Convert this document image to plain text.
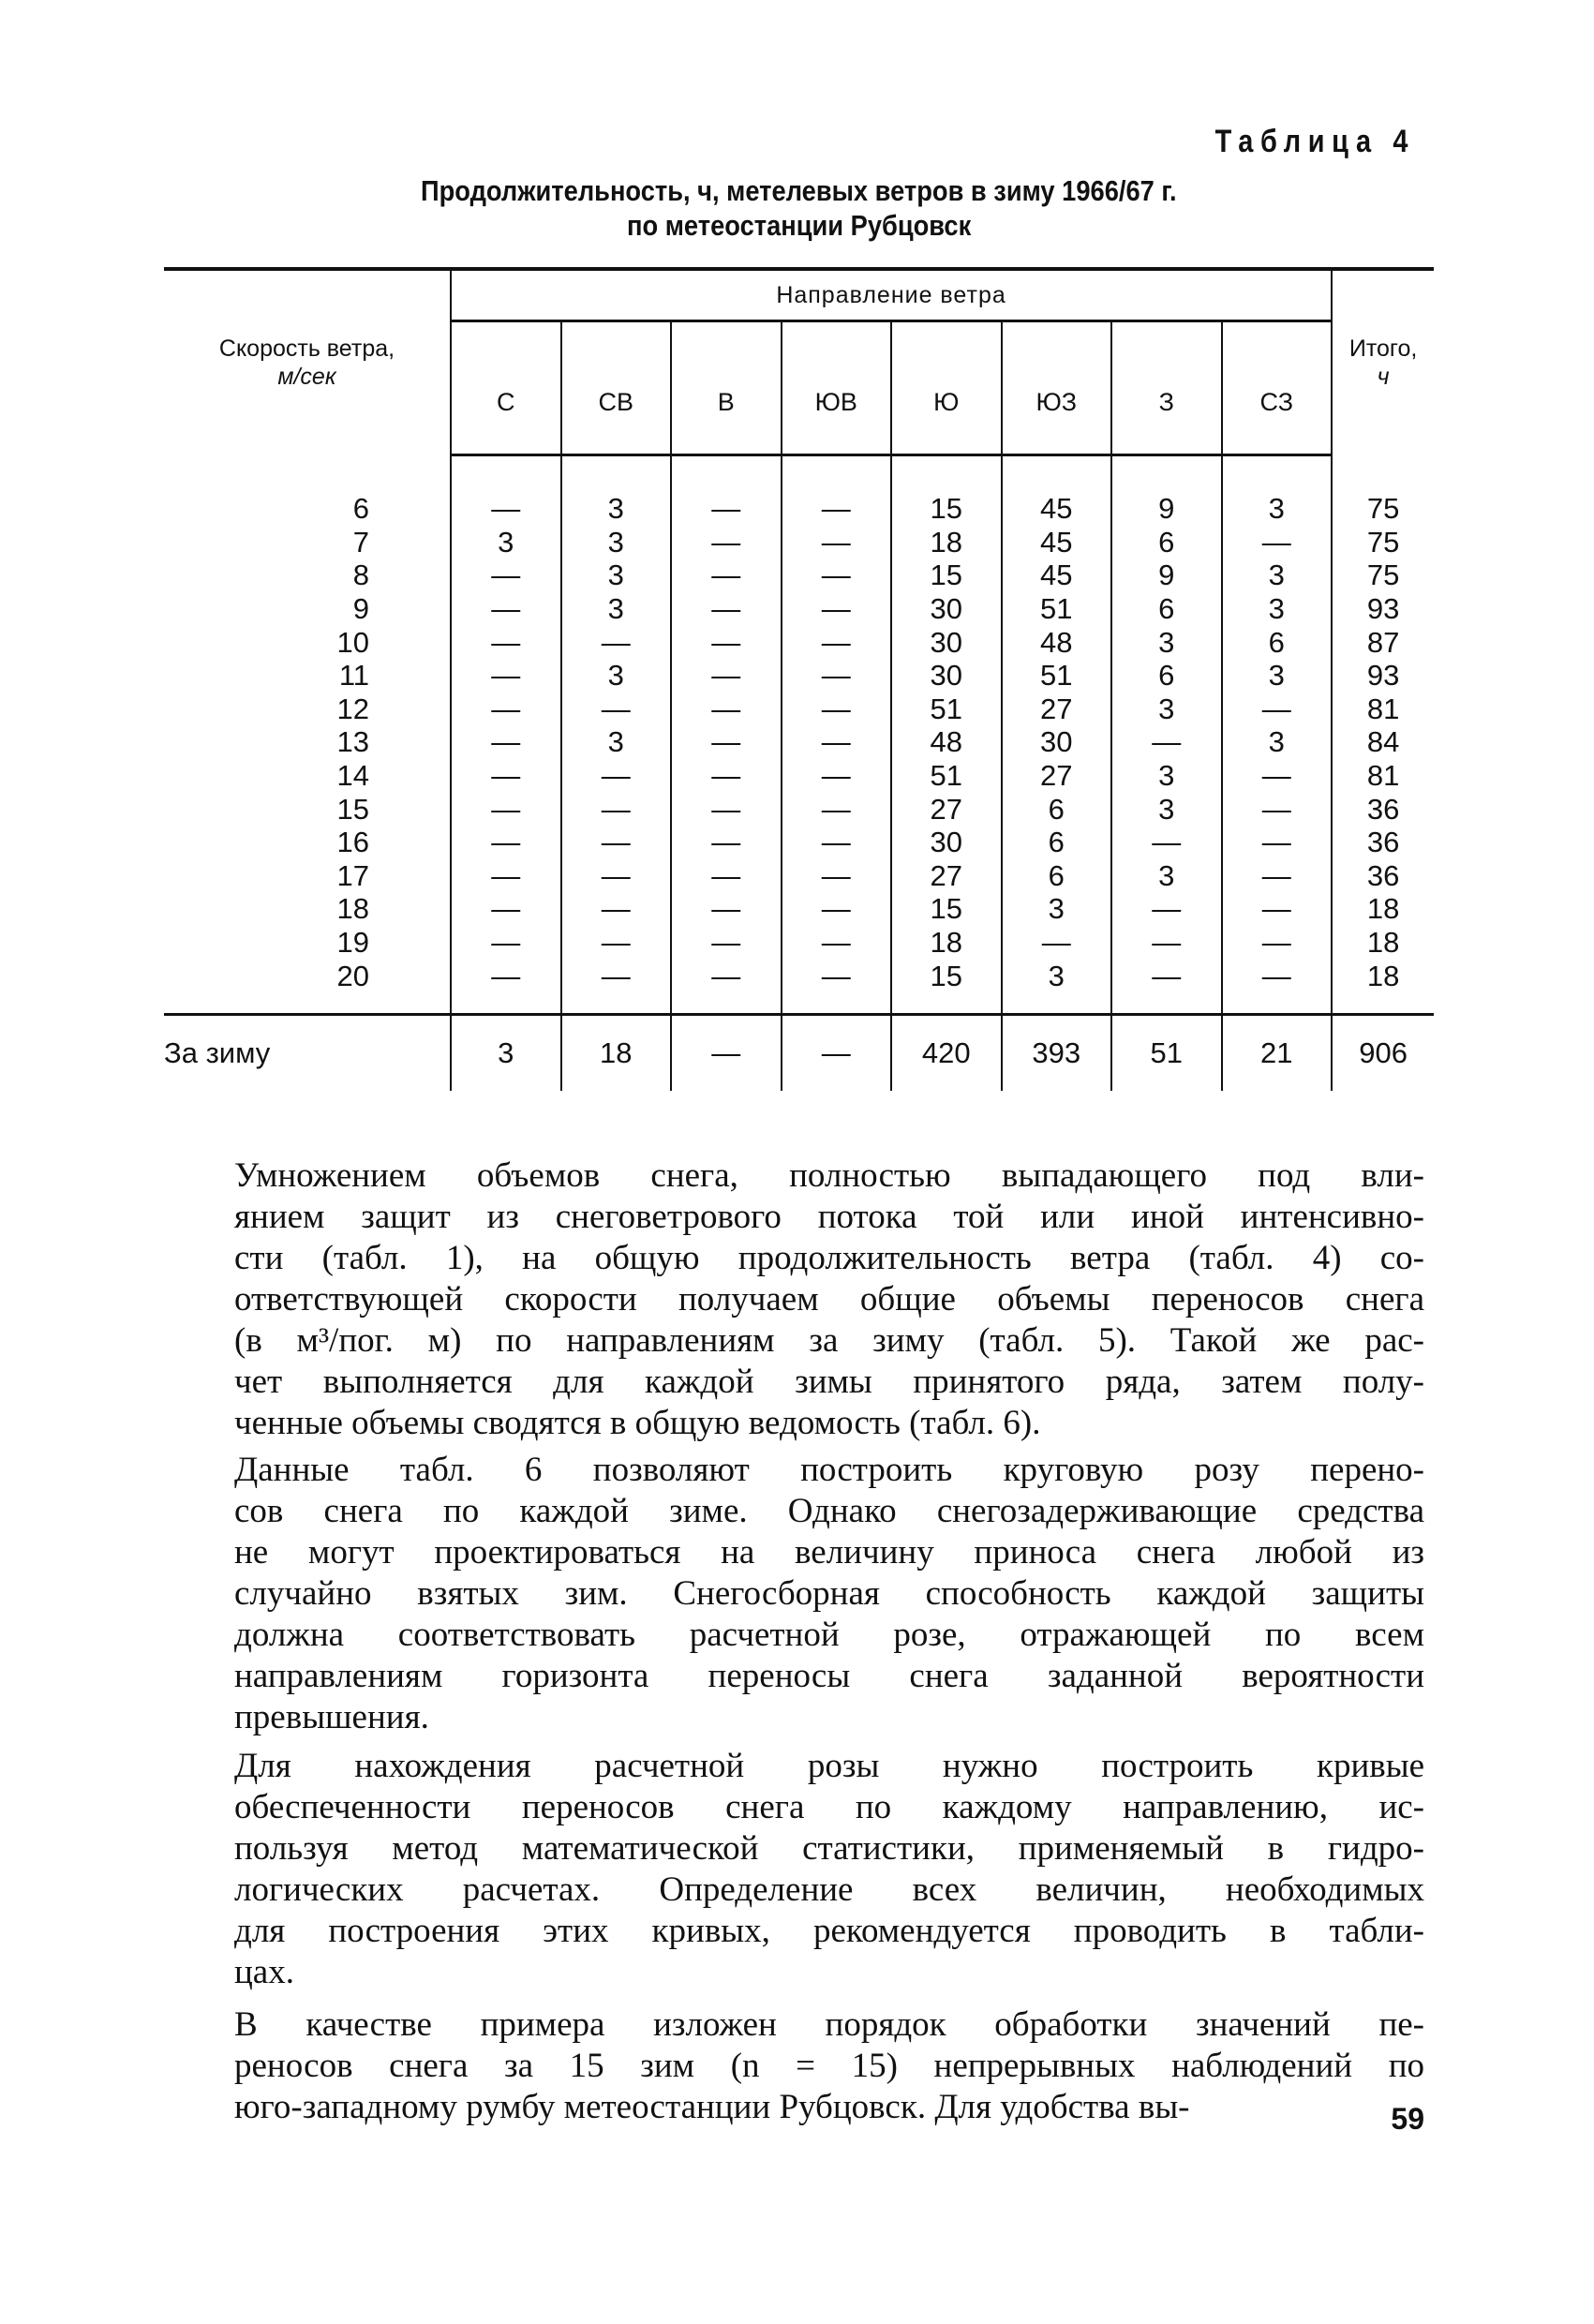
Таблица 4
Продолжительность, ч, метелевых ветров в зиму 1966/67 г.
по метеостанции Рубцовск
Скорость ветра,
м/сек	Направление ветра								Итого,
ч
	С	СВ	В	ЮВ	Ю	ЮЗ	З	СЗ	

6	—	3	—	—	15	45	9	3	75
7	3	3	—	—	18	45	6	—	75
8	—	3	—	—	15	45	9	3	75
9	—	3	—	—	30	51	6	3	93
10	—	—	—	—	30	48	3	6	87
11	—	3	—	—	30	51	6	3	93
12	—	—	—	—	51	27	3	—	81
13	—	3	—	—	48	30	—	3	84
14	—	—	—	—	51	27	3	—	81
15	—	—	—	—	27	6	3	—	36
16	—	—	—	—	30	6	—	—	36
17	—	—	—	—	27	6	3	—	36
18	—	—	—	—	15	3	—	—	18
19	—	—	—	—	18	—	—	—	18
20	—	—	—	—	15	3	—	—	18

За зиму	3	18	—	—	420	393	51	21	906
Умножением объемов снега, полностью выпадающего под вли-
янием защит из снеговетрового потока той или иной интенсивно-
сти (табл. 1), на общую продолжительность ветра (табл. 4) со-
ответствующей скорости получаем общие объемы переносов снега
(в м³/пог. м) по направлениям за зиму (табл. 5). Такой же рас-
чет выполняется для каждой зимы принятого ряда, затем полу-
ченные объемы сводятся в общую ведомость (табл. 6).
Данные табл. 6 позволяют построить круговую розу перено-
сов снега по каждой зиме. Однако снегозадерживающие средства
не могут проектироваться на величину приноса снега любой из
случайно взятых зим. Снегосборная способность каждой защиты
должна соответствовать расчетной розе, отражающей по всем
направлениям горизонта переносы снега заданной вероятности
превышения.
Для нахождения расчетной розы нужно построить кривые
обеспеченности переносов снега по каждому направлению, ис-
пользуя метод математической статистики, применяемый в гидро-
логических расчетах. Определение всех величин, необходимых
для построения этих кривых, рекомендуется проводить в табли-
цах.
В качестве примера изложен порядок обработки значений пе-
реносов снега за 15 зим (n = 15) непрерывных наблюдений по
юго-западному румбу метеостанции Рубцовск. Для удобства вы-	59
